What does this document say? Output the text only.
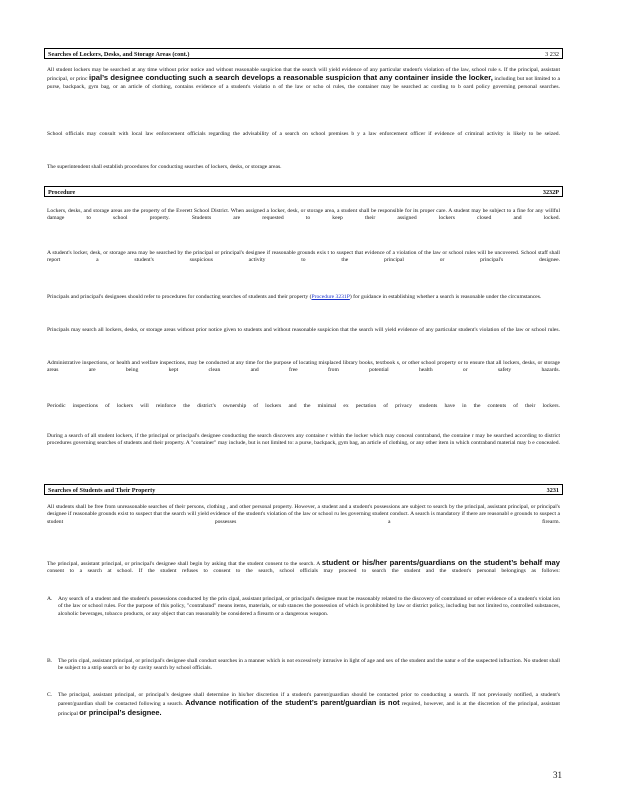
Searches of Lockers, Desks, and Storage Areas (cont.)	3 232

All student lockers may be searched at any time without prior notice and without reasonable suspicion that the search will yield evidence of any particular student's violation of the law, school rule s. If the principal, assistant principal, or princ ipal’s designee conducting such a search develops a reasonable suspicion that any container inside the locker, including but not limited to a purse, backpack, gym bag, or an article of clothing, contains evidence of a student's violatio n of the law or scho ol rules, the container may be searched ac cording to b oard policy governing personal searches.

School officials may consult with local law enforcement officials regarding the advisability of a search on school premises b y a law enforcement officer if evidence of criminal activity is likely to be seized.

The superintendent shall establish procedures for conducting searches of lockers, desks, or storage areas.

Procedure	3232P

Lockers, desks, and storage areas are the property of the Everett School District. When assigned a locker, desk, or storage area, a student shall be responsible for its proper care. A student may be subject to a fine for any willful damage to school property. Students are requested to keep their assigned lockers closed and locked.

A student's locker, desk, or storage area may be searched by the principal or principal's designee if reasonable grounds exis t to suspect that evidence of a violation of the law or school rules will be uncovered. School staff shall report a student's suspicious activity to the principal or principal's designee.

Principals and principal's designees should refer to procedures for conducting searches of students and their property (Procedure 3231P) for guidance in establishing whether a search is reasonable under the circumstances.

Principals may search all lockers, desks, or storage areas without prior notice given to students and without reasonable suspicion that the search will yield evidence of any particular student's violation of the law or school rules.

Administrative inspections, or health and welfare inspections, may be conducted at any time for the purpose of locating misplaced library books, textbook s, or other school property or to ensure that all lockers, desks, or storage areas are being kept clean and free from potential health or safety hazards.

Periodic inspections of lockers will reinforce the district's ownership of lockers and the minimal ex pectation of privacy students have in the contents of their lockers.

During a search of all student lockers, if the principal or principal's designee conducting the search discovers any containe r within the locker which may conceal contraband, the containe r may be searched according to district procedures governing searches of students and their property. A "container" may include, but is not limited to: a purse, backpack, gym bag, an article of clothing, or any other item in which contraband material may b e concealed.

Searches of Students and Their Property	3231

All students shall be free from unreasonable searches of their persons, clothing , and other personal property. However, a student and a student's possessions are subject to search by the principal, assistant principal, or principal's designee if reasonable grounds exist to suspect that the search will yield evidence of the student's violation of the law or school ru les governing student conduct. A search is mandatory if there are reasonabl e grounds to suspect a student possesses a firearm.

The principal, assistant principal, or principal's designee shall begin by asking that the student consent to the search. A student or his/her parents/guardians on the student’s behalf may consent to a search at school. If the student refuses to consent to the search, school officials may proceed to search the student and the student's personal belongings as follows:

A. Any search of a student and the student's possessions conducted by the prin cipal, assistant principal, or principal's designee must be reasonably related to the discovery of contraband or other evidence of a student's violat ion of the law or school rules. For the purpose of this policy, "contraband" means items, materials, or sub stances the possession of which is prohibited by law or district policy, including but not limited to, controlled substances, alcoholic beverages, tobacco products, or any object that can reasonably be considered a firearm or a dangerous weapon.
B.	The prin cipal, assistant principal, or principal's designee shall conduct searches in a manner which is not excessively intrusive in light of age and sex of the student and the natur e of the suspected infraction. No student shall be subject to a strip search or bo dy cavity search by school officials.
C.	The principal, assistant principal, or principal's designee shall determine in his/her discretion if a student's parent/guardian should be contacted prior to conducting a search. If not previously notified, a student's parent/guardian shall be contacted following a search. Advance notification of the student’s parent/guardian is not required, however, and is at the discretion of the principal, assistant principal or principal’s designee.
31
